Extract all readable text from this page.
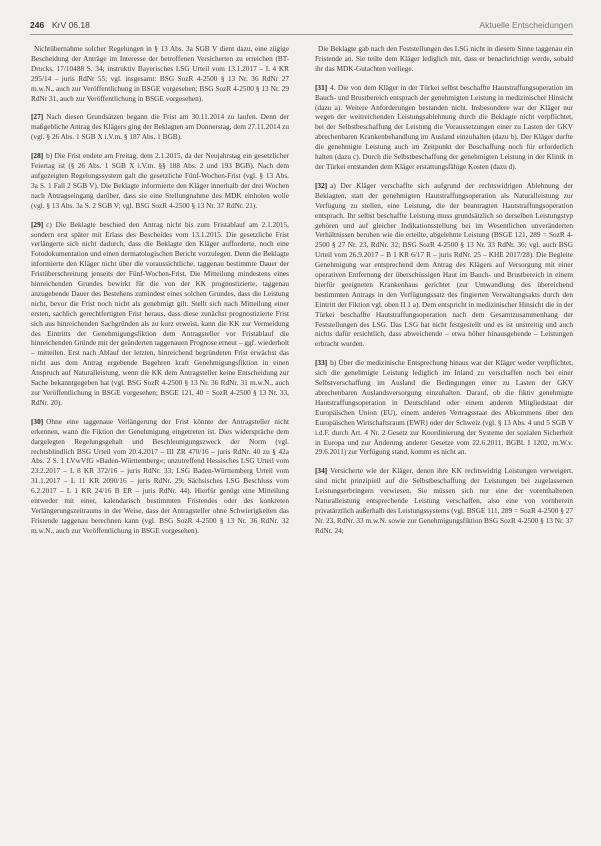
246 KrV 06.18	Aktuelle Entscheidungen

Nichtübernahme solcher Regelungen in § 13 Abs. 3a SGB V dient dazu, eine zügige Bescheidung der Anträge im Interesse der betroffenen Versicherten zu erreichen (BT-Drucks. 17/10488 S. 34; instruktiv Bayerisches LSG Urteil vom 13.1.2017 – L 4 KR 295/14 – juris RdNr 55; vgl. insgesamt: BSG SozR 4-2500 § 13 Nr. 36 RdNr 27 m.w.N., auch zur Veröffentlichung in BSGE vorgesehen; BSG SozR 4-2500 § 13 Nr. 29 RdNr 31, auch zur Veröffentlichung in BSGE vorgesehen).

[27] Nach diesen Grundsätzen begann die Frist am 30.11.2014 zu laufen. Denn der maßgebliche Antrag des Klägers ging der Beklagten am Donnerstag, dem 27.11.2014 zu (vgl. § 26 Abs. 1 SGB X i.V.m. § 187 Abs. 1 BGB).

[28] b) Die Frist endete am Freitag, dem 2.1.2015, da der Neujahrstag ein gesetzlicher Feiertag ist (§ 26 Abs. 1 SGB X i.V.m. §§ 188 Abs. 2 und 193 BGB). Nach dem aufgezeigten Regelungssystem galt die gesetzliche Fünf-Wochen-Frist (vgl. § 13 Abs. 3a S. 1 Fall 2 SGB V). Die Beklagte informierte den Kläger innerhalb der drei Wochen nach Antragseingang darüber, dass sie eine Stellungnahme des MDK einholen wolle (vgl. § 13 Abs. 3a S. 2 SGB V; vgl. BSG SozR 4-2500 § 13 Nr. 37 RdNr. 21).

[29] c) Die Beklagte beschied den Antrag nicht bis zum Fristablauf am 2.1.2015, sondern erst später mit Erlass des Bescheides vom 13.1.2015. Die gesetzliche Frist verlängerte sich nicht dadurch, dass die Beklagte den Kläger aufforderte, noch eine Fotodokumentation und einen dermatologischen Bericht vorzulegen. Denn die Beklagte informierte den Kläger nicht über die voraussichtliche, taggenau bestimmte Dauer der Fristüberschreitung jenseits der Fünf-Wochen-Frist. Die Mitteilung mindestens eines hinreichenden Grundes bewirkt für die von der KK prognostizierte, taggenau anzugebende Dauer des Bestehens zumindest eines solchen Grundes, dass die Leistung nicht, bevor die Frist noch nicht als genehmigt gilt. Stellt sich nach Mitteilung einer ersten, sachlich gerechtfertigten Frist heraus, dass diese zunächst prognostizierte Frist sich aus hinreichenden Sachgründen als zu kurz erweist, kann die KK zur Vermeidung des Eintritts der Genehmigungsfiktion dem Antragsteller vor Fristablauf die hinreichenden Gründe mit der geänderten taggenauen Prognose erneut – ggf. wiederholt – mitteilen. Erst nach Ablauf der letzten, hinreichend begründeten Frist erwächst das nicht aus dem Antrag ergebende Begehren kraft Genehmigungsfiktion in einen Anspruch auf Naturalleistung, wenn die KK dem Antragsteller keine Entscheidung zur Sache bekanntgegeben hat (vgl. BSG SozR 4-2500 § 13 Nr. 36 RdNr. 31 m.w.N., auch zur Veröffentlichung in BSGE vorgesehen; BSGE 121, 40 = SozR 4-2500 § 13 Nr. 33, RdNr. 20).

[30] Ohne eine taggenaue Verlängerung der Frist könnte der Antragsteller nicht erkennen, wann die Fiktion der Genehmigung eingetreten ist. Dies widerspräche dem dargelegten Regelungsgehalt und Beschleunigungszweck der Norm (vgl. rechtsblindlich BSG Urteil vom 20.4.2017 – III ZR 470/16 – juris RdNr. 40 zu § 42a Abs. 2 S. 1 LVwVfG »Baden-Württemberg«; unzutreffend Hessisches LSG Urteil vom 23.2.2017 – L 8 KR 372/16 – juris RdNr. 33; LSG Baden-Württemberg Urteil vom 31.1.2017 – L 11 KR 2090/16 – juris RdNr. 29; Sächsisches LSG Beschluss vom 6.2.2017 – L 1 KR 24/16 B ER – juris RdNr. 44). Hierfür genügt eine Mitteilung entweder mit einer, kalendarisch bestimmten Fristendes oder des konkreten Verlängerungszeitraums in der Weise, dass der Antragsteller ohne Schwierigkeiten das Fristende taggenau berechnen kann (vgl. BSG SozR 4-2500 § 13 Nr. 36 RdNr. 32 m.w.N., auch zur Veröffentlichung in BSGE vorgesehen).

Die Beklagte gab nach den Feststellungen des LSG nicht in diesem Sinne taggenau ein Fristende an. Sie teilte dem Kläger lediglich mit, dass er benachrichtigt werde, sobald ihr das MDK-Gutachten vorliege.

[31] 4. Die von dem Kläger in der Türkei selbst beschaffte Hautstraffungsoperation im Bauch- und Brustbereich entsprach der genehmigten Leistung in medizinischer Hinsicht (dazu a). Weitere Anforderungen bestanden nicht. Insbesondere war der Kläger nur wegen der weitreichenden Leistungsablehnung durch die Beklagte nicht verpflichtet, bei der Selbstbeschaffung der Leistung die Voraussetzungen einer zu Lasten der GKV abrechenbaren Krankenbehandlung im Ausland einzuhalten (dazu b). Der Kläger durfte die genehmigte Leistung auch im Zeitpunkt der Beschaffung noch für erforderlich halten (dazu c). Durch die Selbstbeschaffung der genehmigten Leistung in der Klinik in der Türkei entstanden dem Kläger erstattungsfähige Kosten (dazu d).

[32] a) Der Kläger verschaffte sich aufgrund der rechtswidrigen Ablehnung der Beklagten, statt der genehmigten Hautstraffungsoperation als Naturalleistung zur Verfügung zu stellen, eine Leistung, die der beantragten Hautstraffungsoperation entsprach. Ihr selbst beschaffte Leistung muss grundsätzlich so derselben Leistungstyp gehören und auf gleicher Indikationsstellung bei im Wesentlichen unveränderten Verhältnissen beruhen wie die erteilte, abgelehnte Leistung (BSGE 121, 289 = SozR 4-2500 § 27 Nr. 23, RdNr. 32; BSG SozR 4-2500 § 13 Nr. 33 RdNr. 36; vgl. auch BSG Urteil vom 26.9.2017 – B 1 KR 6/17 R – juris RdNr. 25 – KHE 2017/28). Die Begleite Genehmigung war entsprechend dem Antrag des Klägers auf Versorgung mit einer operativen Entfernung der überschüssigen Haut im Bauch- und Brustbereich in einem hierfür geeigneten Krankenhaus gerichtet (zur Umwandlung des übereichend bestimmten Antrags in den Verfügungssatz des fingierten Verwaltungsakts durch den Eintritt der Fiktion vgl. oben II 1 a). Dem entspricht in medizinischer Hinsicht die in der Türkei beschaffte Hautstraffungsoperation nach dem Gesamtzusammenhang der Feststellungen des LSG. Das LSG hat nicht festgestellt und es ist unstreitig und auch nichts dafür ersichtlich, dass abweichende – etwa höher hinausgehende – Leistungen erbracht wurden.

[33] b) Über die medizinische Entsprechung hinaus war der Kläger weder verpflichtet, sich die genehmigte Leistung lediglich im Inland zu verschaffen noch bei einer Selbstverschaffung im Ausland die Bedingungen einer zu Lasten der GKV abrechenbaren Auslandsversorgung einzuhalten. Darauf, ob die fiktiv genehmigte Hautstraffungsoperation in Deutschland oder einem anderen Mitgliedstaat der Europäischen Union (EU), einem anderen Vertragsstaat des Abkommens über den Europäischen Wirtschaftsraum (EWR) oder der Schweiz (vgl. § 13 Abs. 4 und 5 SGB V i.d.F. durch Art. 4 Nr. 2 Gesetz zur Koordinierung der Systeme der sozialen Sicherheit in Europa und zur Änderung anderer Gesetze vom 22.6.2011, BGBl. I 1202, m.W.v. 29.6.2011) zur Verfügung stand, kommt es nicht an.

[34] Versicherte wie der Kläger, denen ihre KK rechtswidrig Leistungen verweigert, sind nicht prinzipiell auf die Selbstbeschaffung der Leistungen bei zugelassenen Leistungserbringern verwiesen. Sie müssen sich nur eine der vorenthaltenen Naturalleistung entsprechende Leistung verschaffen, also eine von vornherein privatärztlich außerhalb des Leistungssystems (vgl. BSGE 111, 289 = SozR 4-2500 § 27 Nr. 23, RdNr. 33 m.w.N. sowie zur Genehmigungsfiktion BSG SozR 4-2500 § 13 Nr. 37 RdNr. 24;
